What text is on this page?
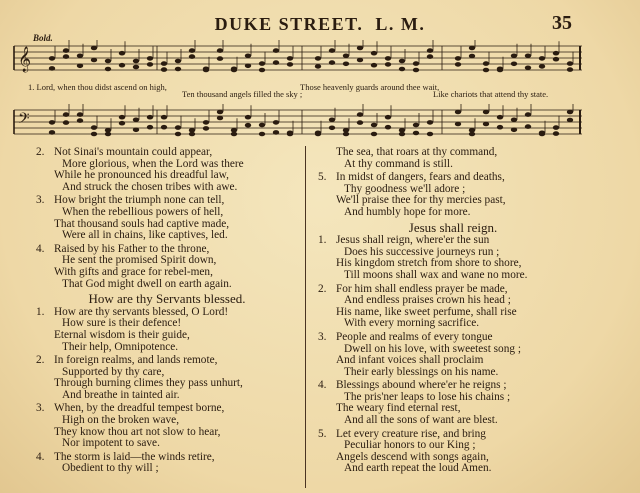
DUKE STREET. L. M.	35
Bold.
𝄞
1. Lord, when thou didst ascend on high,	Those heavenly guards around thee wait,
Ten thousand angels filled the sky ;	Like chariots that attend thy state.
𝄢
2. Not Sinai's mountain could appear,
More glorious, when the Lord was there
While he pronounced his dreadful law,
And struck the chosen tribes with awe.
3. How bright the triumph none can tell,
When the rebellious powers of hell,
That thousand souls had captive made,
Were all in chains, like captives, led.
4. Raised by his Father to the throne,
He sent the promised Spirit down,
With gifts and grace for rebel-men,
That God might dwell on earth again.
How are thy Servants blessed.
1. How are thy servants blessed, O Lord!
How sure is their defence!
Eternal wisdom is their guide,
Their help, Omnipotence.
2. In foreign realms, and lands remote,
Supported by thy care,
Through burning climes they pass unhurt,
And breathe in tainted air.
3. When, by the dreadful tempest borne,
High on the broken wave,
They know thou art not slow to hear,
Nor impotent to save.
4. The storm is laid—the winds retire,
Obedient to thy will ;
The sea, that roars at thy command,
At thy command is still.
5. In midst of dangers, fears and deaths,
Thy goodness we'll adore ;
We'll praise thee for thy mercies past,
And humbly hope for more.
Jesus shall reign.
1. Jesus shall reign, where'er the sun
Does his successive journeys run ;
His kingdom stretch from shore to shore,
Till moons shall wax and wane no more.
2. For him shall endless prayer be made,
And endless praises crown his head ;
His name, like sweet perfume, shall rise
With every morning sacrifice.
3. People and realms of every tongue
Dwell on his love, with sweetest song ;
And infant voices shall proclaim
Their early blessings on his name.
4. Blessings abound where'er he reigns ;
The pris'ner leaps to lose his chains ;
The weary find eternal rest,
And all the sons of want are blest.
5. Let every creature rise, and bring
Peculiar honors to our King ;
Angels descend with songs again,
And earth repeat the loud Amen.
